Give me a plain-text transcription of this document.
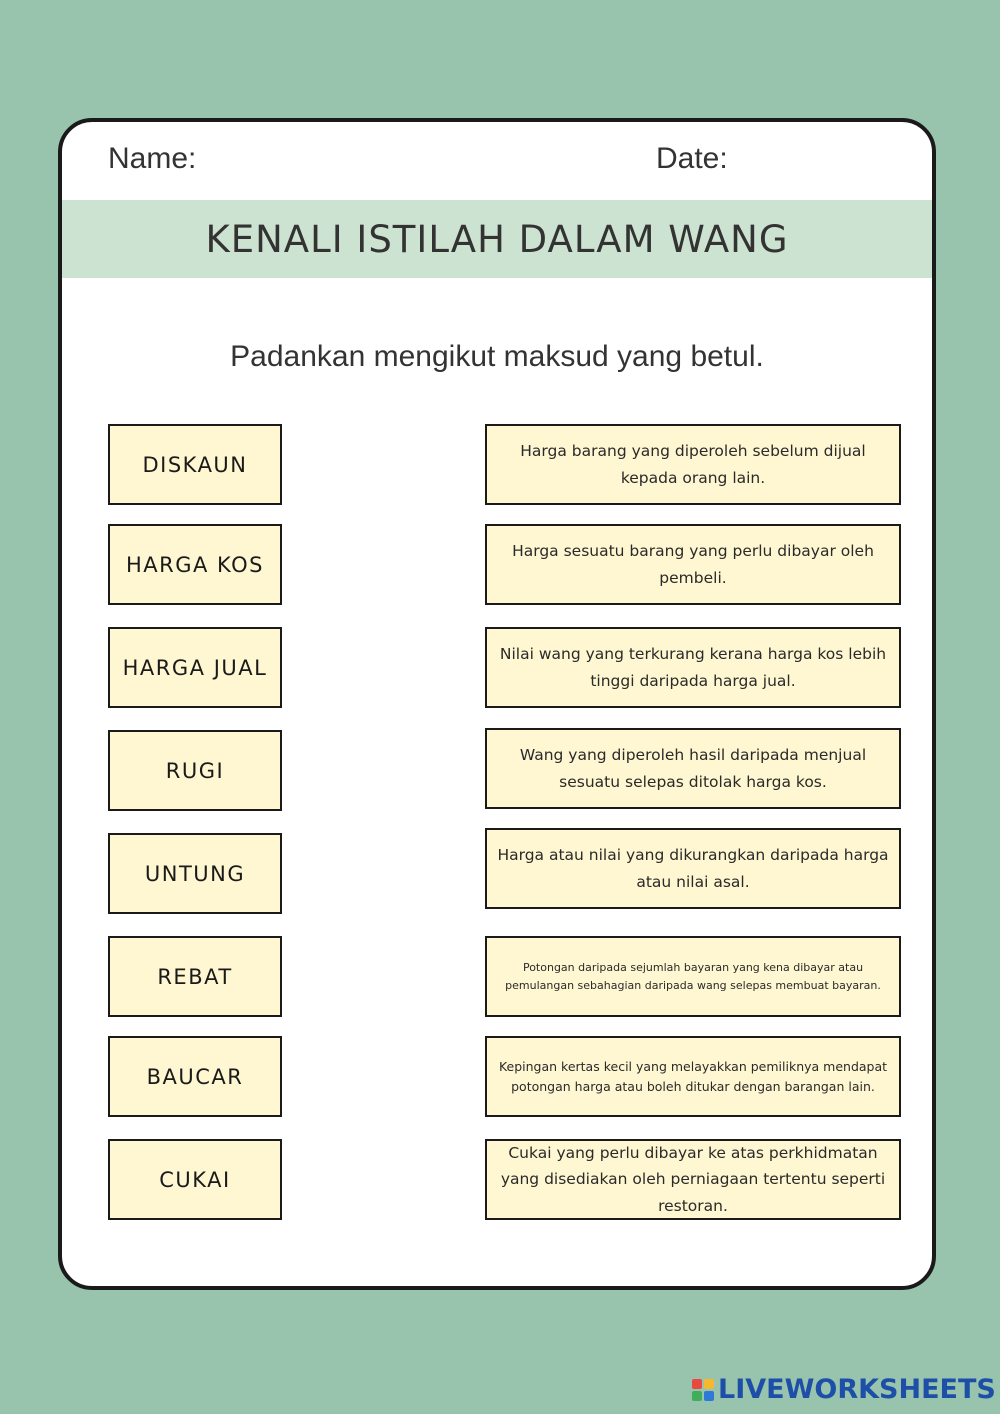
Name:	Date:
KENALI ISTILAH DALAM WANG
Padankan mengikut maksud yang betul.
DISKAUN
HARGA KOS
HARGA JUAL
RUGI
UNTUNG
REBAT
BAUCAR
CUKAI
Harga barang yang diperoleh sebelum dijual kepada orang lain.
Harga sesuatu barang yang perlu dibayar oleh pembeli.
Nilai wang yang terkurang kerana harga kos lebih tinggi daripada harga jual.
Wang yang diperoleh hasil daripada menjual sesuatu selepas ditolak harga kos.
Harga atau nilai yang dikurangkan daripada harga atau nilai asal.
Potongan daripada sejumlah bayaran yang kena dibayar atau pemulangan sebahagian daripada wang selepas membuat bayaran.
Kepingan kertas kecil yang melayakkan pemiliknya mendapat potongan harga atau boleh ditukar dengan barangan lain.
Cukai yang perlu dibayar ke atas perkhidmatan yang disediakan oleh perniagaan tertentu seperti restoran.
LIVEWORKSHEETS
